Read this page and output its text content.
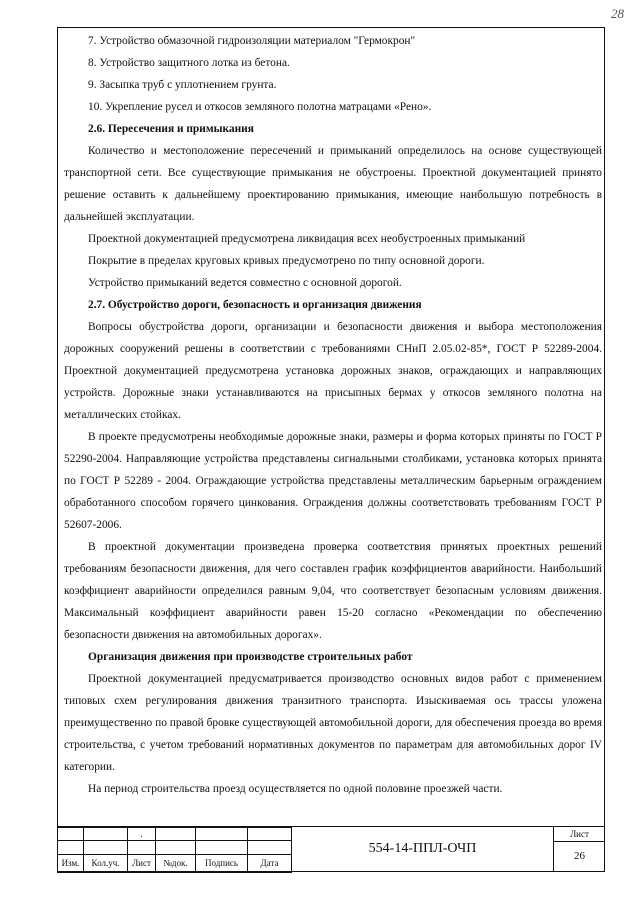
28

7. Устройство обмазочной гидроизоляции материалом "Гермокрон"

8. Устройство защитного лотка из бетона.

9. Засыпка труб с уплотнением грунта.

10. Укрепление русел и откосов земляного полотна матрацами «Рено».

2.6. Пересечения и примыкания

Количество и местоположение пересечений и примыканий определилось на основе существующей транспортной сети. Все существующие примыкания не обустроены. Проектной документацией принято решение оставить к дальнейшему проектированию примыкания, имеющие наибольшую потребность в дальнейшей эксплуатации.

Проектной документацией предусмотрена ликвидация всех необустроенных примыканий

Покрытие в пределах круговых кривых предусмотрено по типу основной дороги.

Устройство примыканий ведется совместно с основной дорогой.

2.7. Обустройство дороги, безопасность и организация движения

Вопросы обустройства дороги, организации и безопасности движения и выбора местоположения дорожных сооружений решены в соответствии с требованиями СНиП 2.05.02-85*, ГОСТ Р 52289-2004. Проектной документацией предусмотрена установка дорожных знаков, ограждающих и направляющих устройств. Дорожные знаки устанавливаются на присыпных бермах у откосов земляного полотна на металлических стойках.

В проекте предусмотрены необходимые дорожные знаки, размеры и форма которых приняты по ГОСТ Р 52290-2004. Направляющие устройства представлены сигнальными столбиками, установка которых принята по ГОСТ Р 52289 - 2004. Ограждающие устройства представлены металлическим барьерным ограждением обработанного способом горячего цинкования. Ограждения должны соответствовать требованиям ГОСТ Р 52607-2006.

В проектной документации произведена проверка соответствия принятых проектных решений требованиям безопасности движения, для чего составлен график коэффициентов аварийности. Наибольший коэффициент аварийности определился равным 9,04, что соответствует безопасным условиям движения. Максимальный коэффициент аварийности равен 15-20 согласно «Рекомендации по обеспечению безопасности движения на автомобильных дорогах».

Организация движения при производстве строительных работ

Проектной документацией предусматривается производство основных видов работ с применением типовых схем регулирования движения транзитного транспорта. Изыскиваемая ось трассы уложена преимущественно по правой бровке существующей автомобильной дороги, для обеспечения проезда во время строительства, с учетом требований нормативных документов по параметрам для автомобильных дорог IV категории.

На период строительства проезд осуществляется по одной половине проезжей части.

		.			

Изм.	Кол.уч.	Лист	№док.	Подпись	Дата
554-14-ППЛ-ОЧП
Лист
26
